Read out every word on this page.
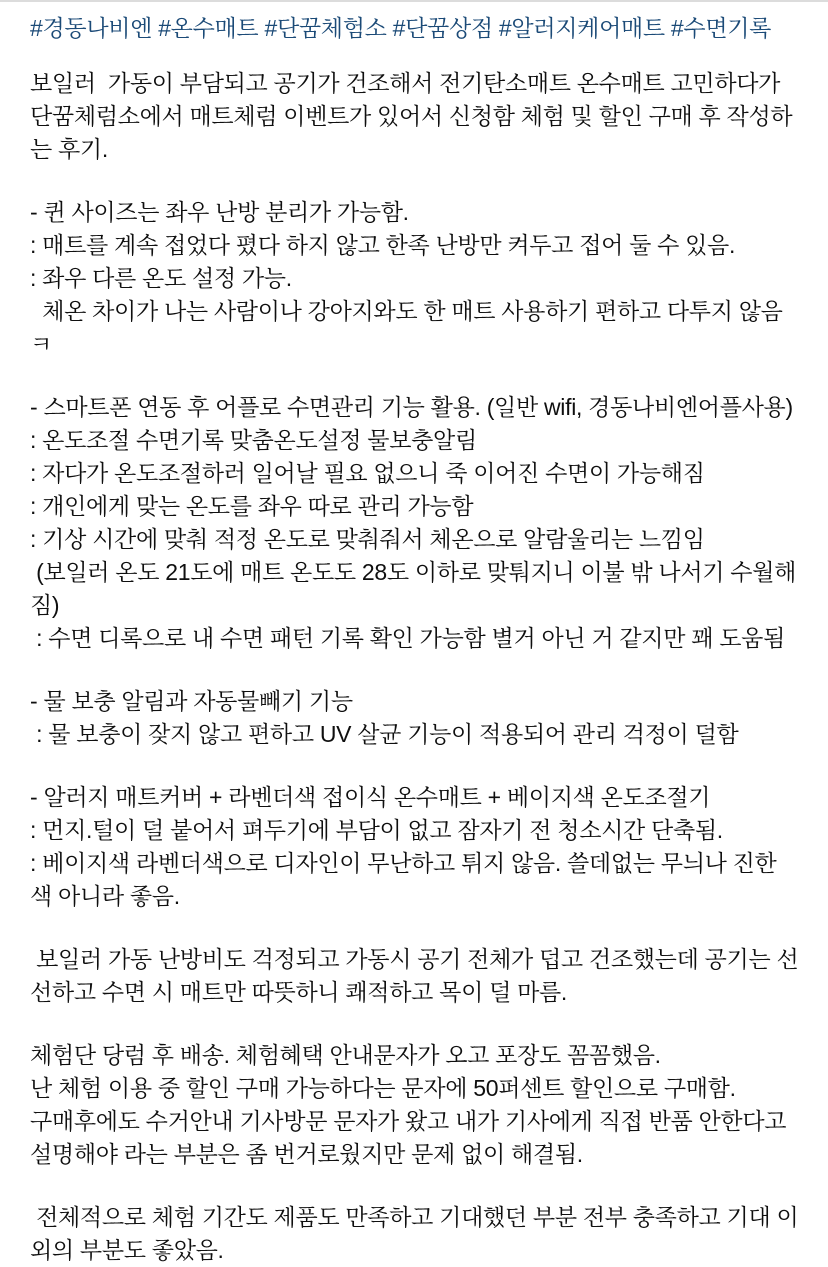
#경동나비엔 #온수매트 #단꿈체험소 #단꿈상점 #알러지케어매트 #수면기록
보일러  가동이 부담되고 공기가 건조해서 전기탄소매트 온수매트 고민하다가 단꿈체럼소에서 매트체럼 이벤트가 있어서 신청함 체험 및 할인 구매 후 작성하는 후기.
- 퀸 사이즈는 좌우 난방 분리가 가능함.
: 매트를 계속 접었다 폈다 하지 않고 한족 난방만 켜두고 접어 둘 수 있음.
: 좌우 다른 온도 설정 가능.
체온 차이가 나는 사람이나 강아지와도 한 매트 사용하기 편하고 다투지 않음 ㅋ
- 스마트폰 연동 후 어플로 수면관리 기능 활용. (일반 wifi, 경동나비엔어플사용)
: 온도조절 수면기록 맞춤온도설정 물보충알림
: 자다가 온도조절하러 일어날 필요 없으니 죽 이어진 수면이 가능해짐
: 개인에게 맞는 온도를 좌우 따로 관리 가능함
: 기상 시간에 맞춰 적정 온도로 맞춰줘서 체온으로 알람울리는 느낌임
(보일러 온도 21도에 매트 온도도 28도 이하로 맞퉈지니 이불 밖 나서기 수월해짐)
: 수면 디록으로 내 수면 패턴 기록 확인 가능함 별거 아닌 거 같지만 꽤 도움됨
- 물 보충 알림과 자동물빼기 기능
: 물 보충이 잦지 않고 편하고 UV 살균 기능이 적용되어 관리 걱정이 덜함
- 알러지 매트커버 + 라벤더색 접이식 온수매트 + 베이지색 온도조절기
: 먼지.털이 덜 붙어서 펴두기에 부담이 없고 잠자기 전 청소시간 단축됨.
: 베이지색 라벤더색으로 디자인이 무난하고 튀지 않음. 쓸데없는 무늬나 진한 색 아니라 좋음.
보일러 가동 난방비도 걱정되고 가동시 공기 전체가 덥고 건조했는데 공기는 선선하고 수면 시 매트만 따뜻하니 쾌적하고 목이 덜 마름.
체험단 당럼 후 배송. 체험혜택 안내문자가 오고 포장도 꼼꼼했음.
난 체험 이용 중 할인 구매 가능하다는 문자에 50퍼센트 할인으로 구매함.
구매후에도 수거안내 기사방문 문자가 왔고 내가 기사에게 직접 반품 안한다고 설명해야 라는 부분은 좀 번거로웠지만 문제 없이 해결됨.
전체적으로 체험 기간도 제품도 만족하고 기대했던 부분 전부 충족하고 기대 이외의 부분도 좋았음.
